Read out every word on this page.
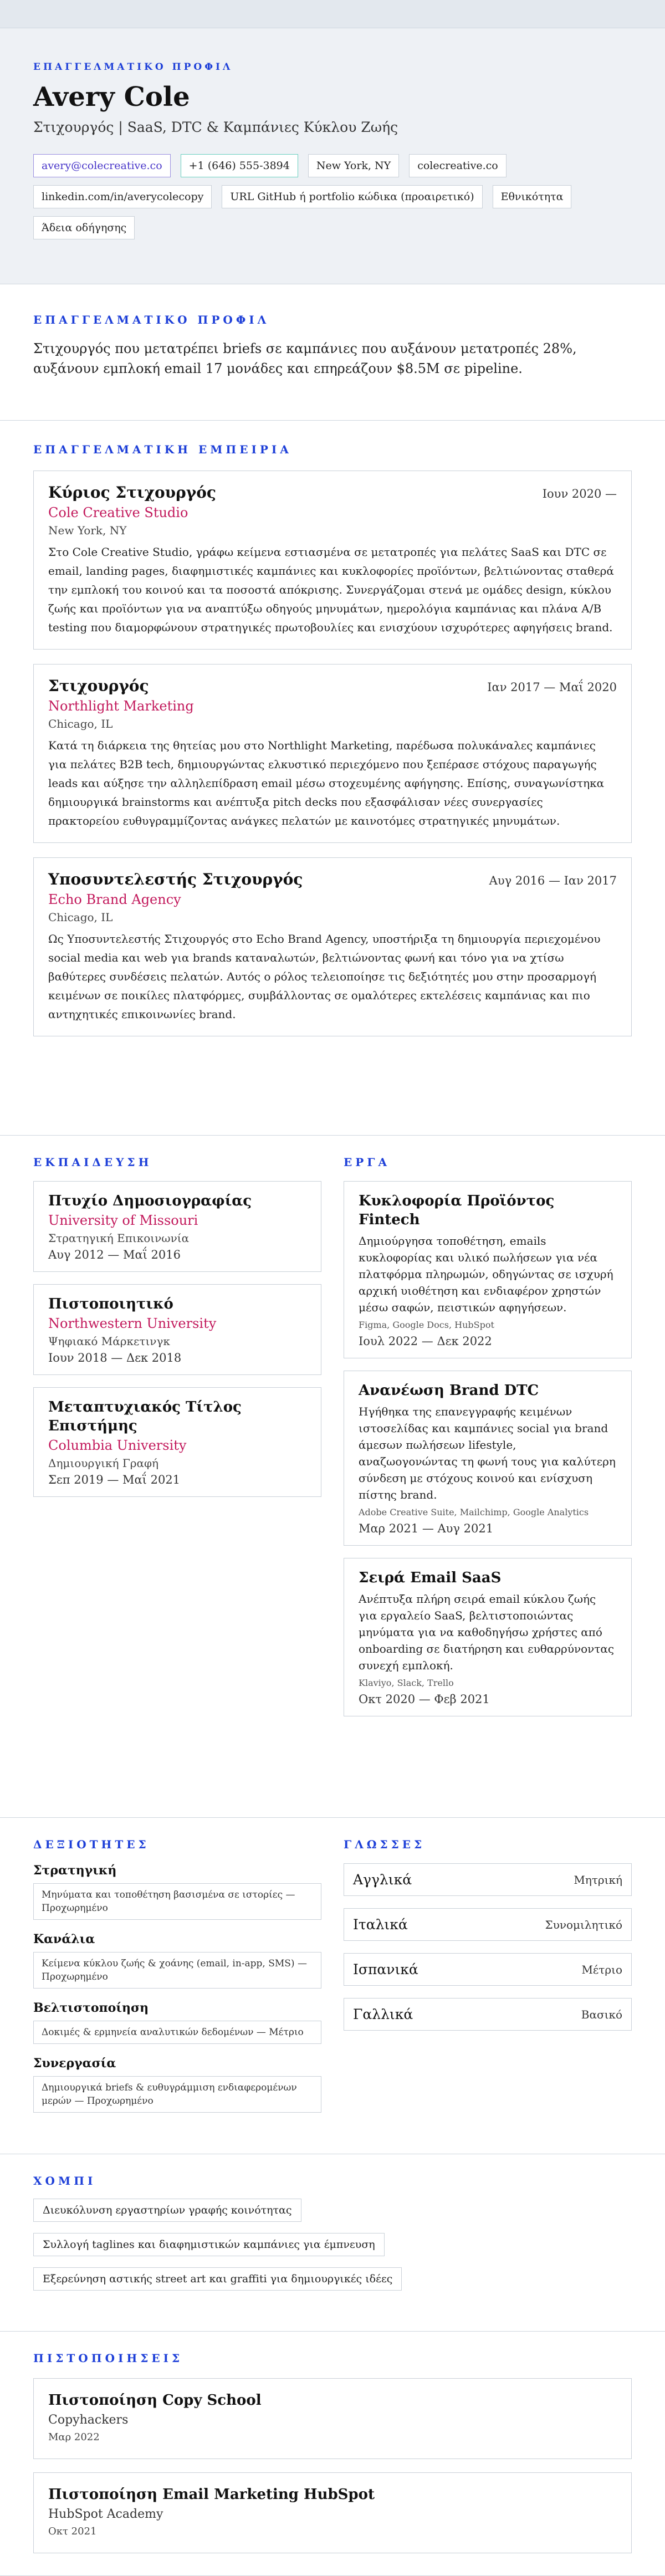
ΕΠΑΓΓΕΛΜΑΤΙΚΟ ΠΡΟΦΙΛ
Avery Cole
Στιχουργός | SaaS, DTC & Καμπάνιες Κύκλου Ζωής
avery@colecreative.co	+1 (646) 555-3894	New York, NY	colecreative.co
linkedin.com/in/averycolecopy	URL GitHub ή portfolio κώδικα (προαιρετικό)	Εθνικότητα
Άδεια οδήγησης
ΕΠΑΓΓΕΛΜΑΤΙΚΟ ΠΡΟΦΙΛ

Στιχουργός που μετατρέπει briefs σε καμπάνιες που αυξάνουν μετατροπές 28%, αυξάνουν εμπλοκή email 17 μονάδες και επηρεάζουν $8.5M σε pipeline.

ΕΠΑΓΓΕΛΜΑΤΙΚΗ ΕΜΠΕΙΡΙΑ
Κύριος Στιχουργός	Ιουν 2020 —
Cole Creative Studio
New York, NY
Στο Cole Creative Studio, γράφω κείμενα εστιασμένα σε μετατροπές για πελάτες SaaS και DTC σε email, landing pages, διαφημιστικές καμπάνιες και κυκλοφορίες προϊόντων, βελτιώνοντας σταθερά την εμπλοκή του κοινού και τα ποσοστά απόκρισης. Συνεργάζομαι στενά με ομάδες design, κύκλου ζωής και προϊόντων για να αναπτύξω οδηγούς μηνυμάτων, ημερολόγια καμπάνιας και πλάνα A/B testing που διαμορφώνουν στρατηγικές πρωτοβουλίες και ενισχύουν ισχυρότερες αφηγήσεις brand.
Στιχουργός	Ιαν 2017 — Μαΐ 2020
Northlight Marketing
Chicago, IL
Κατά τη διάρκεια της θητείας μου στο Northlight Marketing, παρέδωσα πολυκάναλες καμπάνιες για πελάτες B2B tech, δημιουργώντας ελκυστικό περιεχόμενο που ξεπέρασε στόχους παραγωγής leads και αύξησε την αλληλεπίδραση email μέσω στοχευμένης αφήγησης. Επίσης, συναγωνίστηκα δημιουργικά brainstorms και ανέπτυξα pitch decks που εξασφάλισαν νέες συνεργασίες πρακτορείου ευθυγραμμίζοντας ανάγκες πελατών με καινοτόμες στρατηγικές μηνυμάτων.
Υποσυντελεστής Στιχουργός	Αυγ 2016 — Ιαν 2017
Echo Brand Agency
Chicago, IL
Ως Υποσυντελεστής Στιχουργός στο Echo Brand Agency, υποστήριξα τη δημιουργία περιεχομένου social media και web για brands καταναλωτών, βελτιώνοντας φωνή και τόνο για να χτίσω βαθύτερες συνδέσεις πελατών. Αυτός ο ρόλος τελειοποίησε τις δεξιότητές μου στην προσαρμογή κειμένων σε ποικίλες πλατφόρμες, συμβάλλοντας σε ομαλότερες εκτελέσεις καμπάνιας και πιο αντηχητικές επικοινωνίες brand.
ΕΚΠΑΙΔΕΥΣΗ
Πτυχίο Δημοσιογραφίας
University of Missouri
Στρατηγική Επικοινωνία
Αυγ 2012 — Μαΐ 2016
Πιστοποιητικό
Northwestern University
Ψηφιακό Μάρκετινγκ
Ιουν 2018 — Δεκ 2018
Μεταπτυχιακός Τίτλος Επιστήμης
Columbia University
Δημιουργική Γραφή
Σεπ 2019 — Μαΐ 2021
ΕΡΓΑ
Κυκλοφορία Προϊόντος Fintech
Δημιούργησα τοποθέτηση, emails κυκλοφορίας και υλικό πωλήσεων για νέα πλατφόρμα πληρωμών, οδηγώντας σε ισχυρή αρχική υιοθέτηση και ενδιαφέρον χρηστών μέσω σαφών, πειστικών αφηγήσεων.
Figma, Google Docs, HubSpot
Ιουλ 2022 — Δεκ 2022
Ανανέωση Brand DTC
Ηγήθηκα της επανεγγραφής κειμένων ιστοσελίδας και καμπάνιες social για brand άμεσων πωλήσεων lifestyle, αναζωογονώντας τη φωνή τους για καλύτερη σύνδεση με στόχους κοινού και ενίσχυση πίστης brand.
Adobe Creative Suite, Mailchimp, Google Analytics
Μαρ 2021 — Αυγ 2021
Σειρά Email SaaS
Ανέπτυξα πλήρη σειρά email κύκλου ζωής για εργαλείο SaaS, βελτιστοποιώντας μηνύματα για να καθοδηγήσω χρήστες από onboarding σε διατήρηση και ευθαρρύνοντας συνεχή εμπλοκή.
Klaviyo, Slack, Trello
Οκτ 2020 — Φεβ 2021
ΔΕΞΙΟΤΗΤΕΣ
Στρατηγική
Μηνύματα και τοποθέτηση βασισμένα σε ιστορίες — Προχωρημένο
Κανάλια
Κείμενα κύκλου ζωής & χοάνης (email, in-app, SMS) — Προχωρημένο
Βελτιστοποίηση
Δοκιμές & ερμηνεία αναλυτικών δεδομένων — Μέτριο
Συνεργασία
Δημιουργικά briefs & ευθυγράμμιση ενδιαφερομένων μερών — Προχωρημένο
ΓΛΩΣΣΕΣ
Αγγλικά	Μητρική
Ιταλικά	Συνομιλητικό
Ισπανικά	Μέτριο
Γαλλικά	Βασικό
ΧΟΜΠΙ
Διευκόλυνση εργαστηρίων γραφής κοινότητας
Συλλογή taglines και διαφημιστικών καμπάνιες για έμπνευση
Εξερεύνηση αστικής street art και graffiti για δημιουργικές ιδέες
ΠΙΣΤΟΠΟΙΗΣΕΙΣ
Πιστοποίηση Copy School
Copyhackers
Μαρ 2022
Πιστοποίηση Email Marketing HubSpot
HubSpot Academy
Οκτ 2021
